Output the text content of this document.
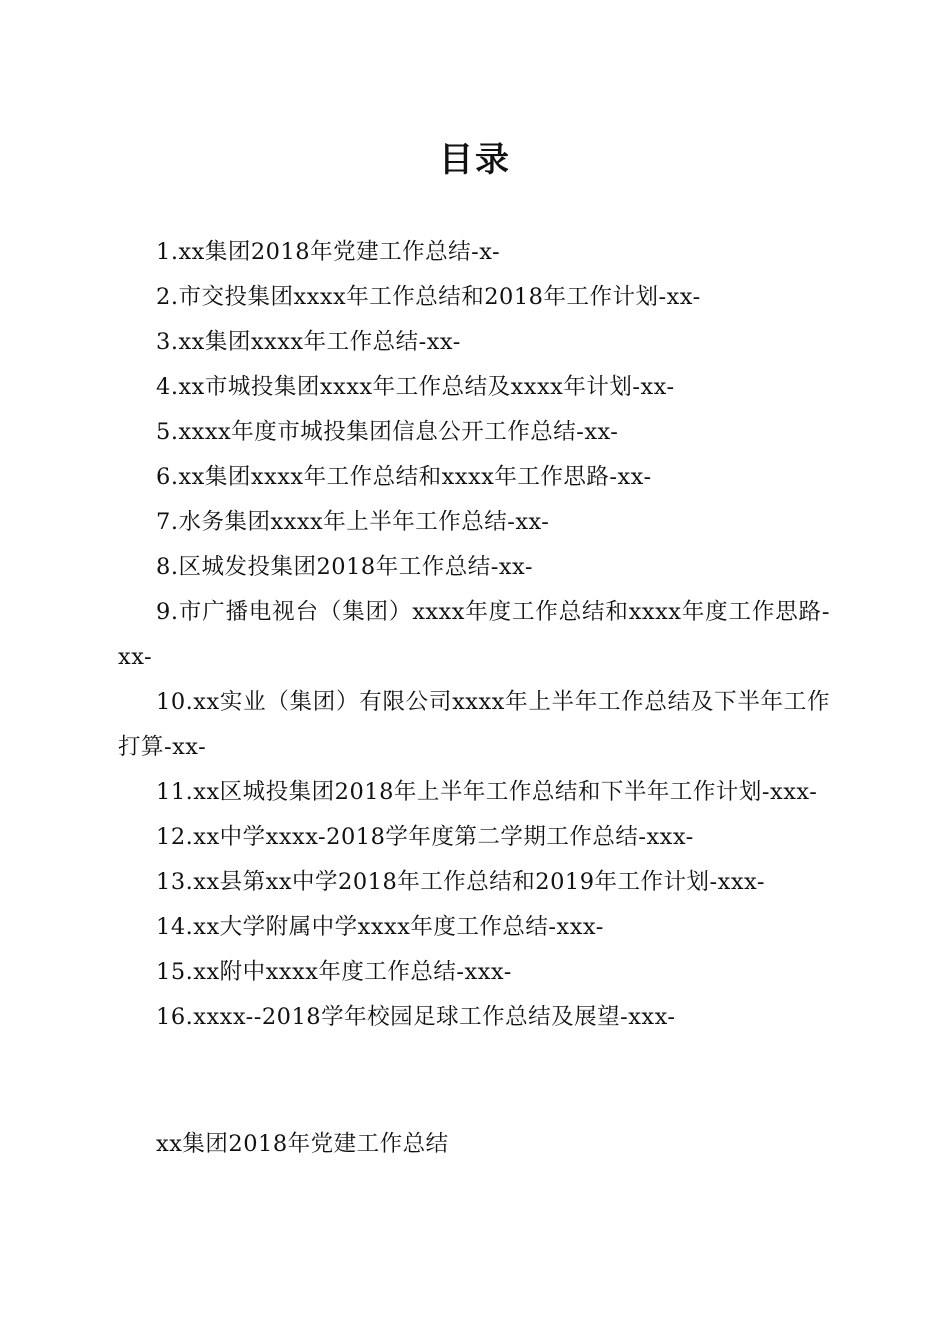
目录
1.xx集团2018年党建工作总结-x-
2.市交投集团xxxx年工作总结和2018年工作计划-xx-
3.xx集团xxxx年工作总结-xx-
4.xx市城投集团xxxx年工作总结及xxxx年计划-xx-
5.xxxx年度市城投集团信息公开工作总结-xx-
6.xx集团xxxx年工作总结和xxxx年工作思路-xx-
7.水务集团xxxx年上半年工作总结-xx-
8.区城发投集团2018年工作总结-xx-
9.市广播电视台（集团）xxxx年度工作总结和xxxx年度工作思路-xx-
10.xx实业（集团）有限公司xxxx年上半年工作总结及下半年工作打算-xx-
11.xx区城投集团2018年上半年工作总结和下半年工作计划-xxx-
12.xx中学xxxx-2018学年度第二学期工作总结-xxx-
13.xx县第xx中学2018年工作总结和2019年工作计划-xxx-
14.xx大学附属中学xxxx年度工作总结-xxx-
15.xx附中xxxx年度工作总结-xxx-
16.xxxx--2018学年校园足球工作总结及展望-xxx-
xx集团2018年党建工作总结
